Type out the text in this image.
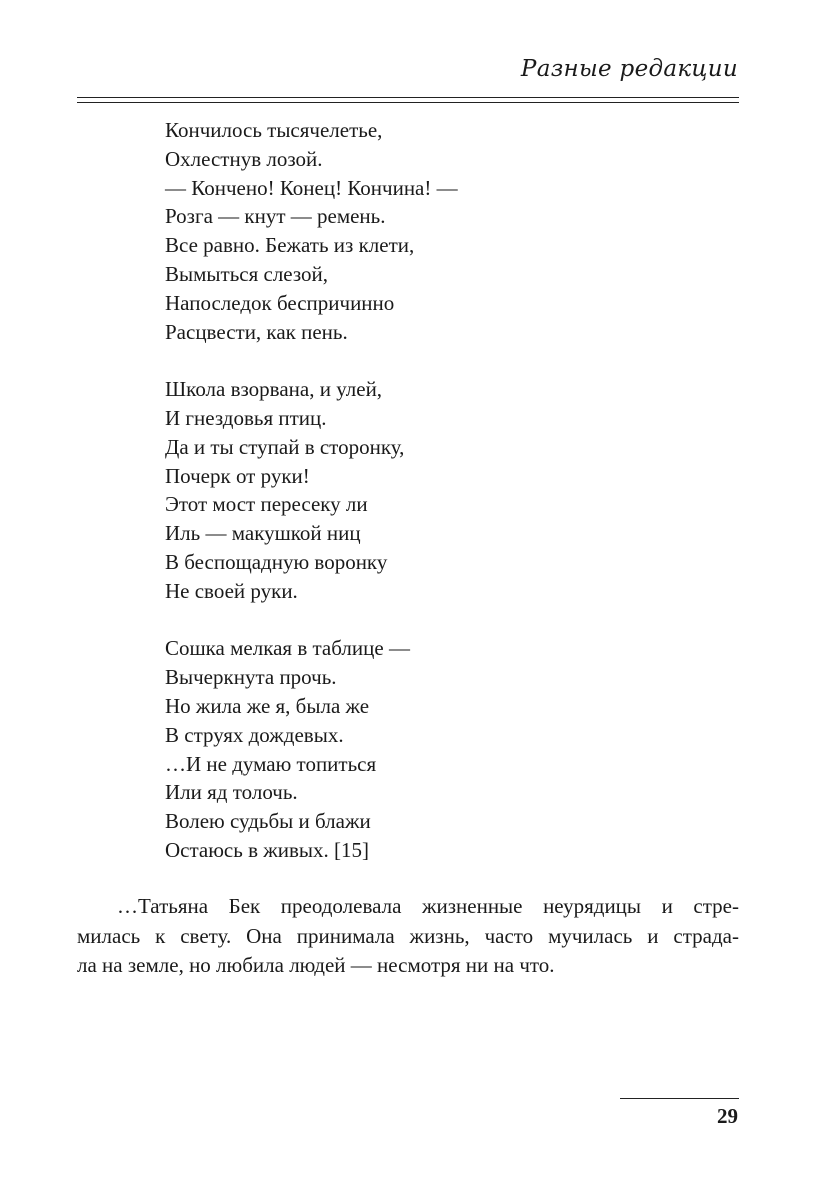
Разные редакции
Кончилось тысячелетье,
Охлестнув лозой.
— Кончено! Конец! Кончина! —
Розга — кнут — ремень.
Все равно. Бежать из клети,
Вымыться слезой,
Напоследок беспричинно
Расцвести, как пень.
Школа взорвана, и улей,
И гнездовья птиц.
Да и ты ступай в сторонку,
Почерк от руки!
Этот мост пересеку ли
Иль — макушкой ниц
В беспощадную воронку
Не своей руки.
Сошка мелкая в таблице —
Вычеркнута прочь.
Но жила же я, была же
В струях дождевых.
…И не думаю топиться
Или яд толочь.
Волею судьбы и блажи
Остаюсь в живых. [15]
…Татьяна Бек преодолевала жизненные неурядицы и стре-
милась к свету. Она принимала жизнь, часто мучилась и страда-
ла на земле, но любила людей — несмотря ни на что.
29
